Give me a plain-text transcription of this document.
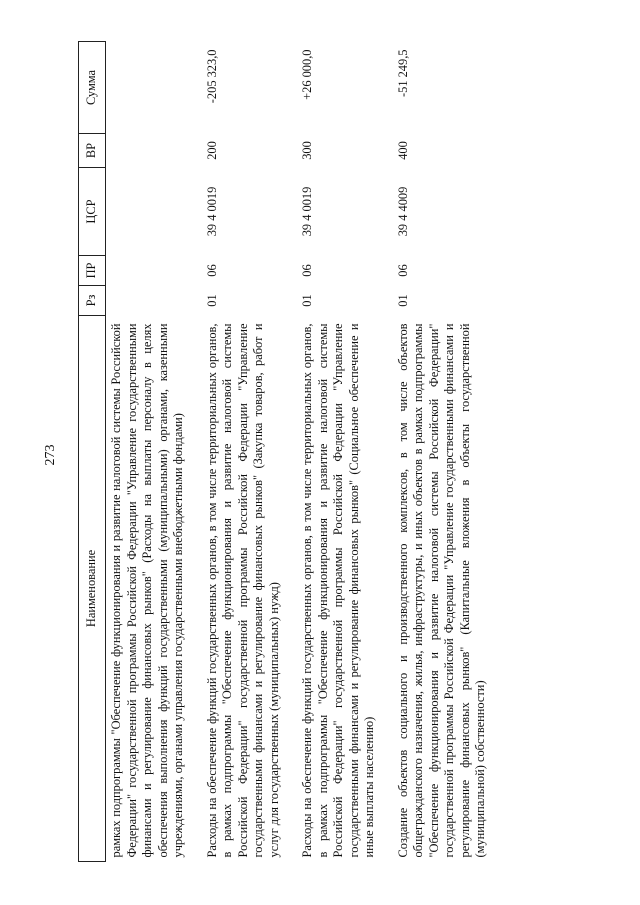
273
Наименование	Рз	ПР	ЦСР	ВР	Сумма
рамках подпрограммы "Обеспечение функционирования и развитие налоговой системы Российской Федерации" государственной программы Российской Федерации "Управление государственными финансами и регулирование финансовых рынков" (Расходы на выплаты персоналу в целях обеспечения выполнения функций государственными (муниципальными) органами, казенными учреждениями, органами управления государственными внебюджетными фондами)					
Расходы на обеспечение функций государственных органов, в том числе территориальных органов, в рамках подпрограммы "Обеспечение функционирования и развитие налоговой системы Российской Федерации" государственной программы Российской Федерации "Управление государственными финансами и регулирование финансовых рынков" (Закупка товаров, работ и услуг для государственных (муниципальных) нужд)	01	06	39 4 0019	200	-205 323,0
Расходы на обеспечение функций государственных органов, в том числе территориальных органов, в рамках подпрограммы "Обеспечение функционирования и развитие налоговой системы Российской Федерации" государственной программы Российской Федерации "Управление государственными финансами и регулирование финансовых рынков" (Социальное обеспечение и иные выплаты населению)	01	06	39 4 0019	300	+26 000,0
Создание объектов социального и производственного комплексов, в том числе объектов общегражданского назначения, жилья, инфраструктуры, и иных объектов в рамках подпрограммы "Обеспечение функционирования и развитие налоговой системы Российской Федерации" государственной программы Российской Федерации "Управление государственными финансами и регулирование финансовых рынков" (Капитальные вложения в объекты государственной (муниципальной) собственности)	01	06	39 4 4009	400	-51 249,5
